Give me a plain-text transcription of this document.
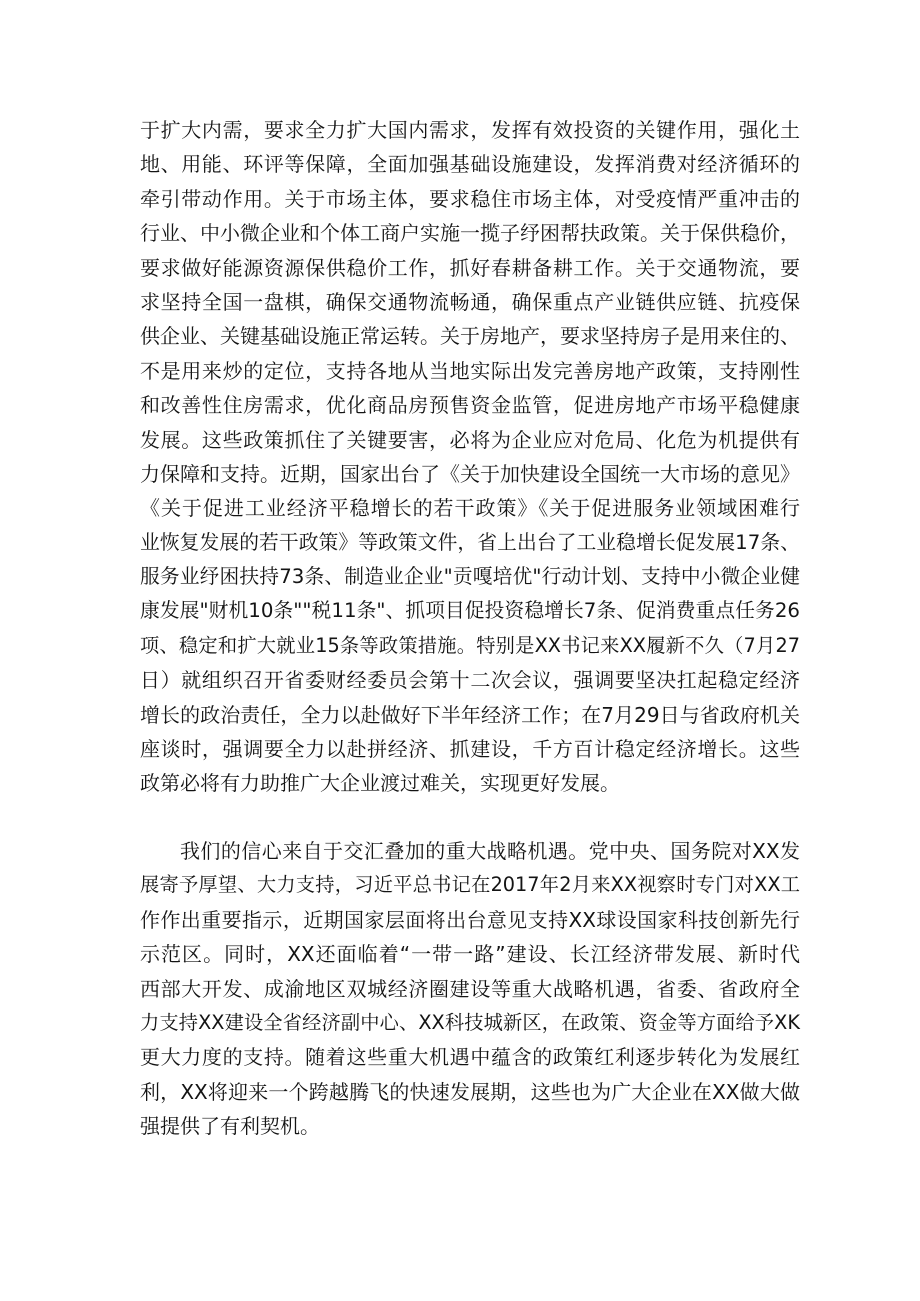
于扩大内需，要求全力扩大国内需求，发挥有效投资的关键作用，强化土
地、用能、环评等保障，全面加强基础设施建设，发挥消费对经济循环的
牵引带动作用。关于市场主体，要求稳住市场主体，对受疫情严重冲击的
行业、中小微企业和个体工商户实施一揽子纾困帮扶政策。关于保供稳价，
要求做好能源资源保供稳价工作，抓好春耕备耕工作。关于交通物流，要
求坚持全国一盘棋，确保交通物流畅通，确保重点产业链供应链、抗疫保
供企业、关键基础设施正常运转。关于房地产，要求坚持房子是用来住的、
不是用来炒的定位，支持各地从当地实际出发完善房地产政策，支持刚性
和改善性住房需求，优化商品房预售资金监管，促进房地产市场平稳健康
发展。这些政策抓住了关键要害，必将为企业应对危局、化危为机提供有
力保障和支持。近期，国家出台了《关于加快建设全国统一大市场的意见》
《关于促进工业经济平稳增长的若干政策》《关于促进服务业领域困难行
业恢复发展的若干政策》等政策文件，省上出台了工业稳增长促发展17条、
服务业纾困扶持73条、制造业企业"贡嘎培优"行动计划、支持中小微企业健
康发展"财机10条""税11条"、抓项目促投资稳增长7条、促消费重点任务26
项、稳定和扩大就业15条等政策措施。特别是XX书记来XX履新不久（7月27
日）就组织召开省委财经委员会第十二次会议，强调要坚决扛起稳定经济
增长的政治责任，全力以赴做好下半年经济工作；在7月29日与省政府机关
座谈时，强调要全力以赴拼经济、抓建设，千方百计稳定经济增长。这些
政第必将有力助推广大企业渡过难关，实现更好发展。
我们的信心来自于交汇叠加的重大战略机遇。党中央、国务院对XX发
展寄予厚望、大力支持，习近平总书记在2017年2月来XX视察时专门对XX工
作作出重要指示，近期国家层面将出台意见支持XX球设国家科技创新先行
示范区。同时，XX还面临着“一带一路”建设、长江经济带发展、新时代
西部大开发、成渝地区双城经济圈建设等重大战略机遇，省委、省政府全
力支持XX建设全省经济副中心、XX科技城新区，在政策、资金等方面给予XK
更大力度的支持。随着这些重大机遇中蕴含的政策红利逐步转化为发展红
利，XX将迎来一个跨越腾飞的快速发展期，这些也为广大企业在XX做大做
强提供了有利契机。
